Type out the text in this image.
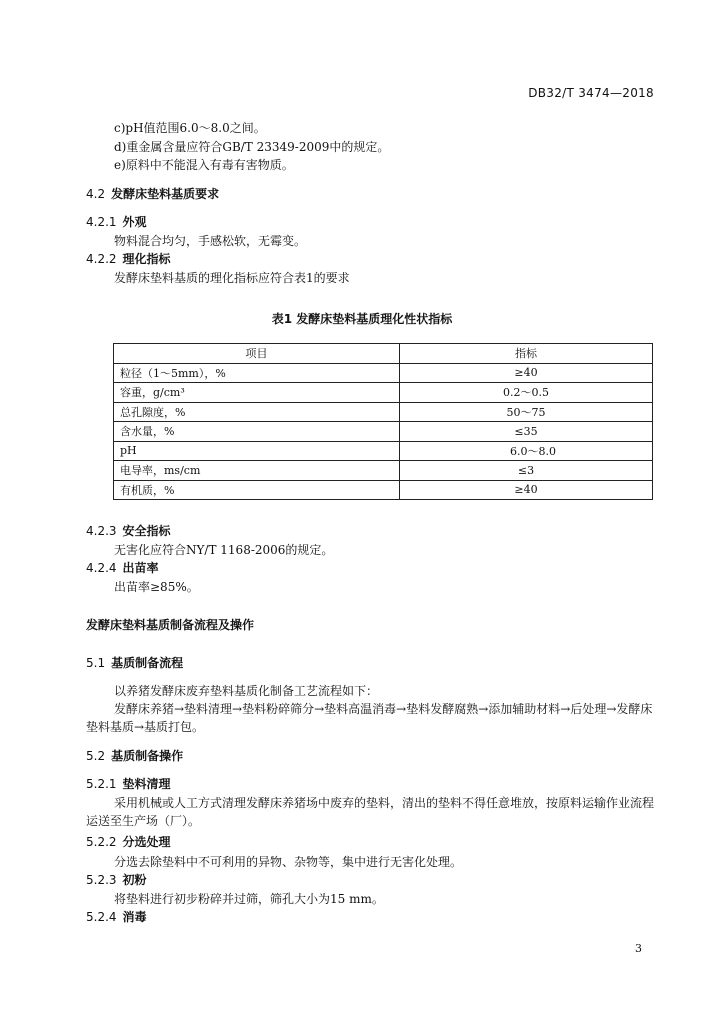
DB32/T 3474—2018
c)pH值范围6.0～8.0之间。
d)重金属含量应符合GB/T 23349-2009中的规定。
e)原料中不能混入有毒有害物质。
4.2 发酵床垫料基质要求
4.2.1 外观
物料混合均匀，手感松软，无霉变。
4.2.2 理化指标
发酵床垫料基质的理化指标应符合表1的要求
表1 发酵床垫料基质理化性状指标
项目	指标
粒径（1～5mm），%	≥40
容重，g/cm³	0.2～0.5
总孔隙度，%	50～75
含水量，%	≤35
pH	6.0～8.0
电导率，ms/cm	≤3
有机质，%	≥40
4.2.3 安全指标
无害化应符合NY/T 1168-2006的规定。
4.2.4 出苗率
出苗率≥85%。
发酵床垫料基质制备流程及操作
5.1 基质制备流程
以养猪发酵床废弃垫料基质化制备工艺流程如下：
发酵床养猪→垫料清理→垫料粉碎筛分→垫料高温消毒→垫料发酵腐熟→添加辅助材料→后处理→发酵床垫料基质→基质打包。
5.2 基质制备操作
5.2.1 垫料清理
采用机械或人工方式清理发酵床养猪场中废弃的垫料，清出的垫料不得任意堆放，按原料运输作业流程运送至生产场（厂）。
5.2.2 分选处理
分选去除垫料中不可利用的异物、杂物等，集中进行无害化处理。
5.2.3 初粉
将垫料进行初步粉碎并过筛，筛孔大小为15 mm。
5.2.4 消毒
3
